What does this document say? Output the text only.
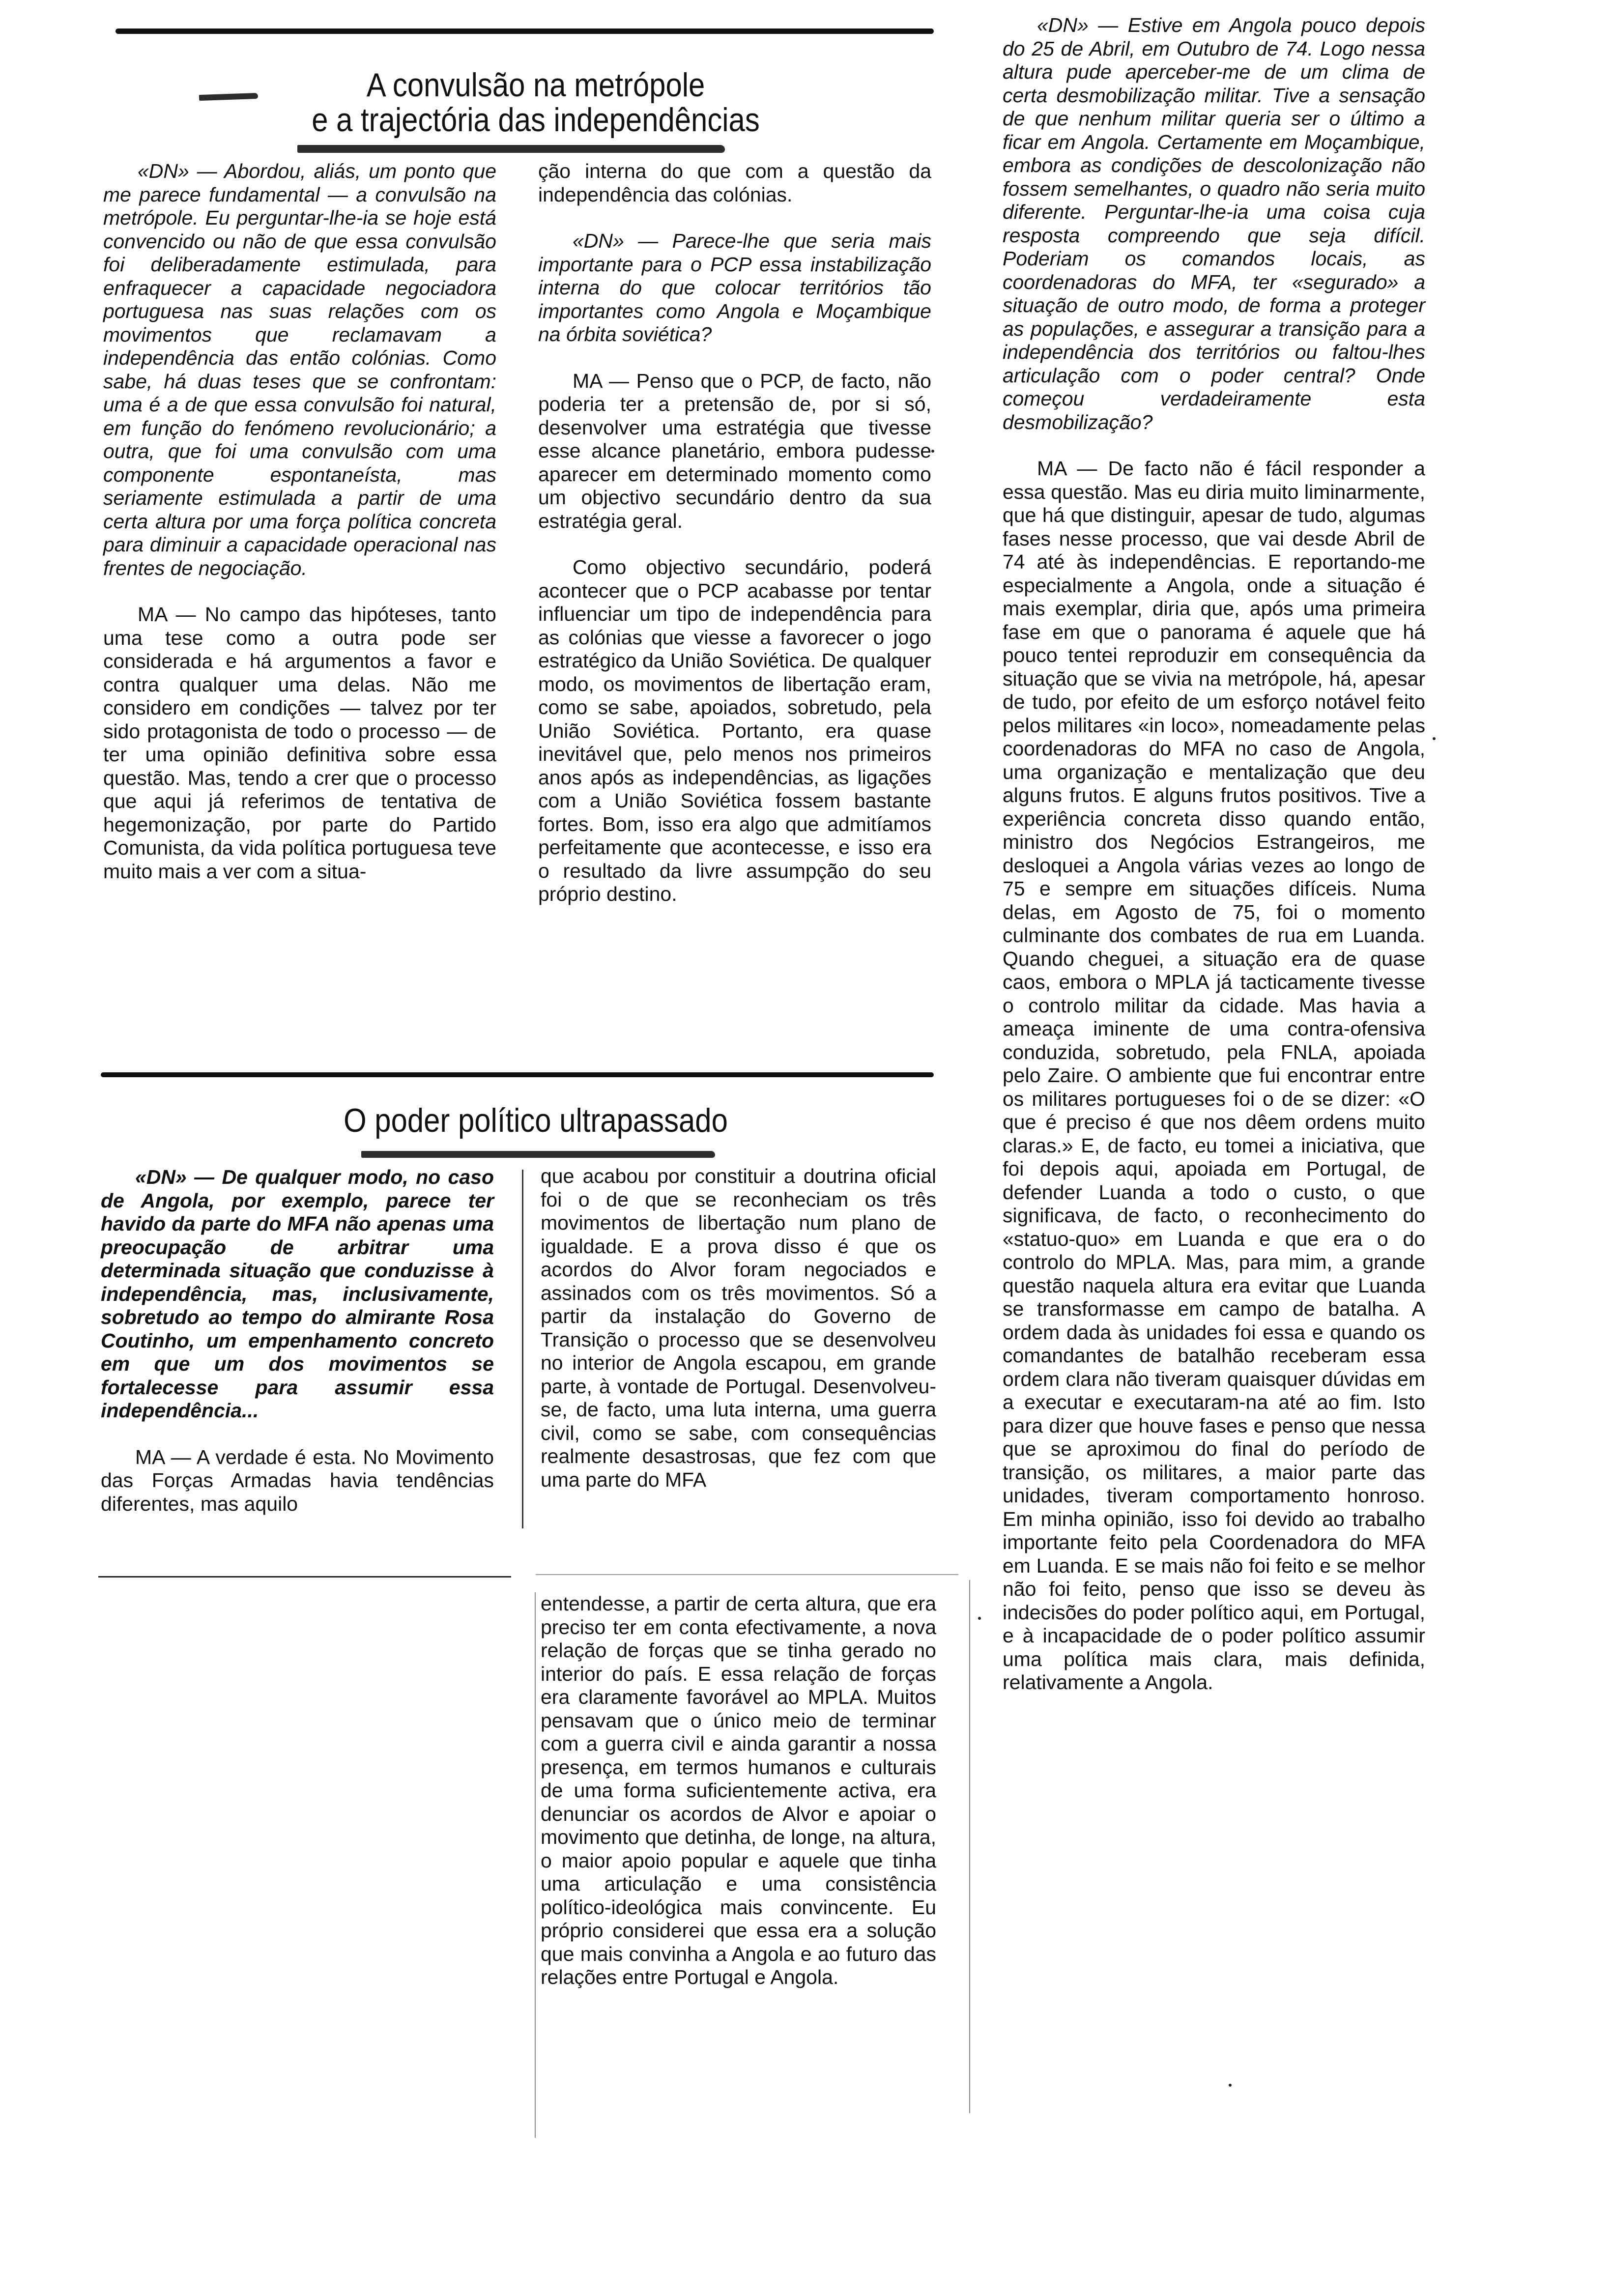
A convulsão na metrópole
e a trajectória das independências

«DN» — Abordou, aliás, um ponto que me parece fundamental — a convulsão na metrópole. Eu perguntar-lhe-ia se hoje está convencido ou não de que essa convulsão foi deliberadamente estimulada, para enfraquecer a capacidade negociadora portuguesa nas suas relações com os movimentos que reclamavam a independência das então colónias. Como sabe, há duas teses que se confrontam: uma é a de que essa convulsão foi natural, em função do fenómeno revolucionário; a outra, que foi uma convulsão com uma componente espontaneísta, mas seriamente estimulada a partir de uma certa altura por uma força política concreta para diminuir a capacidade operacional nas frentes de negociação.

MA — No campo das hipóteses, tanto uma tese como a outra pode ser considerada e há argumentos a favor e contra qualquer uma delas. Não me considero em condições — talvez por ter sido protagonista de todo o processo — de ter uma opinião definitiva sobre essa questão. Mas, tendo a crer que o processo que aqui já referimos de tentativa de hegemonização, por parte do Partido Comunista, da vida política portuguesa teve muito mais a ver com a situa-

ção interna do que com a questão da independência das colónias.

«DN» — Parece-lhe que seria mais importante para o PCP essa instabilização interna do que colocar territórios tão importantes como Angola e Moçambique na órbita soviética?

MA — Penso que o PCP, de facto, não poderia ter a pretensão de, por si só, desenvolver uma estratégia que tivesse esse alcance planetário, embora pudesse aparecer em determinado momento como um objectivo secundário dentro da sua estratégia geral.

Como objectivo secundário, poderá acontecer que o PCP acabasse por tentar influenciar um tipo de independência para as colónias que viesse a favorecer o jogo estratégico da União Soviética. De qualquer modo, os movimentos de libertação eram, como se sabe, apoiados, sobretudo, pela União Soviética. Portanto, era quase inevitável que, pelo menos nos primeiros anos após as independências, as ligações com a União Soviética fossem bastante fortes. Bom, isso era algo que admitíamos perfeitamente que acontecesse, e isso era o resultado da livre assumpção do seu próprio destino.

O poder político ultrapassado

«DN» — De qualquer modo, no caso de Angola, por exemplo, parece ter havido da parte do MFA não apenas uma preocupação de arbitrar uma determinada situação que conduzisse à independência, mas, inclusivamente, sobretudo ao tempo do almirante Rosa Coutinho, um empenhamento concreto em que um dos movimentos se fortalecesse para assumir essa independência...

MA — A verdade é esta. No Movimento das Forças Armadas havia tendências diferentes, mas aquilo

que acabou por constituir a doutrina oficial foi o de que se reconheciam os três movimentos de libertação num plano de igualdade. E a prova disso é que os acordos do Alvor foram negociados e assinados com os três movimentos. Só a partir da instalação do Governo de Transição o processo que se desenvolveu no interior de Angola escapou, em grande parte, à vontade de Portugal. Desenvolveu-se, de facto, uma luta interna, uma guerra civil, como se sabe, com consequências realmente desastrosas, que fez com que uma parte do MFA

entendesse, a partir de certa altura, que era preciso ter em conta efectivamente, a nova relação de forças que se tinha gerado no interior do país. E essa relação de forças era claramente favorável ao MPLA. Muitos pensavam que o único meio de terminar com a guerra civil e ainda garantir a nossa presença, em termos humanos e culturais de uma forma suficientemente activa, era denunciar os acordos de Alvor e apoiar o movimento que detinha, de longe, na altura, o maior apoio popular e aquele que tinha uma articulação e uma consistência político-ideológica mais convincente. Eu próprio considerei que essa era a solução que mais convinha a Angola e ao futuro das relações entre Portugal e Angola.

«DN» — Estive em Angola pouco depois do 25 de Abril, em Outubro de 74. Logo nessa altura pude aperceber-me de um clima de certa desmobilização militar. Tive a sensação de que nenhum militar queria ser o último a ficar em Angola. Certamente em Moçambique, embora as condições de descolonização não fossem semelhantes, o quadro não seria muito diferente. Perguntar-lhe-ia uma coisa cuja resposta compreendo que seja difícil. Poderiam os comandos locais, as coordenadoras do MFA, ter «segurado» a situação de outro modo, de forma a proteger as populações, e assegurar a transição para a independência dos territórios ou faltou-lhes articulação com o poder central? Onde começou verdadeiramente esta desmobilização?

MA — De facto não é fácil responder a essa questão. Mas eu diria muito liminarmente, que há que distinguir, apesar de tudo, algumas fases nesse processo, que vai desde Abril de 74 até às independências. E reportando-me especialmente a Angola, onde a situação é mais exemplar, diria que, após uma primeira fase em que o panorama é aquele que há pouco tentei reproduzir em consequência da situação que se vivia na metrópole, há, apesar de tudo, por efeito de um esforço notável feito pelos militares «in loco», nomeadamente pelas coordenadoras do MFA no caso de Angola, uma organização e mentalização que deu alguns frutos. E alguns frutos positivos. Tive a experiência concreta disso quando então, ministro dos Negócios Estrangeiros, me desloquei a Angola várias vezes ao longo de 75 e sempre em situações difíceis. Numa delas, em Agosto de 75, foi o momento culminante dos combates de rua em Luanda. Quando cheguei, a situação era de quase caos, embora o MPLA já tacticamente tivesse o controlo militar da cidade. Mas havia a ameaça iminente de uma contra-ofensiva conduzida, sobretudo, pela FNLA, apoiada pelo Zaire. O ambiente que fui encontrar entre os militares portugueses foi o de se dizer: «O que é preciso é que nos dêem ordens muito claras.» E, de facto, eu tomei a iniciativa, que foi depois aqui, apoiada em Portugal, de defender Luanda a todo o custo, o que significava, de facto, o reconhecimento do «statuo-quo» em Luanda e que era o do controlo do MPLA. Mas, para mim, a grande questão naquela altura era evitar que Luanda se transformasse em campo de batalha. A ordem dada às unidades foi essa e quando os comandantes de batalhão receberam essa ordem clara não tiveram quaisquer dúvidas em a executar e executaram-na até ao fim. Isto para dizer que houve fases e penso que nessa que se aproximou do final do período de transição, os militares, a maior parte das unidades, tiveram comportamento honroso. Em minha opinião, isso foi devido ao trabalho importante feito pela Coordenadora do MFA em Luanda. E se mais não foi feito e se melhor não foi feito, penso que isso se deveu às indecisões do poder político aqui, em Portugal, e à incapacidade de o poder político assumir uma política mais clara, mais definida, relativamente a Angola.
